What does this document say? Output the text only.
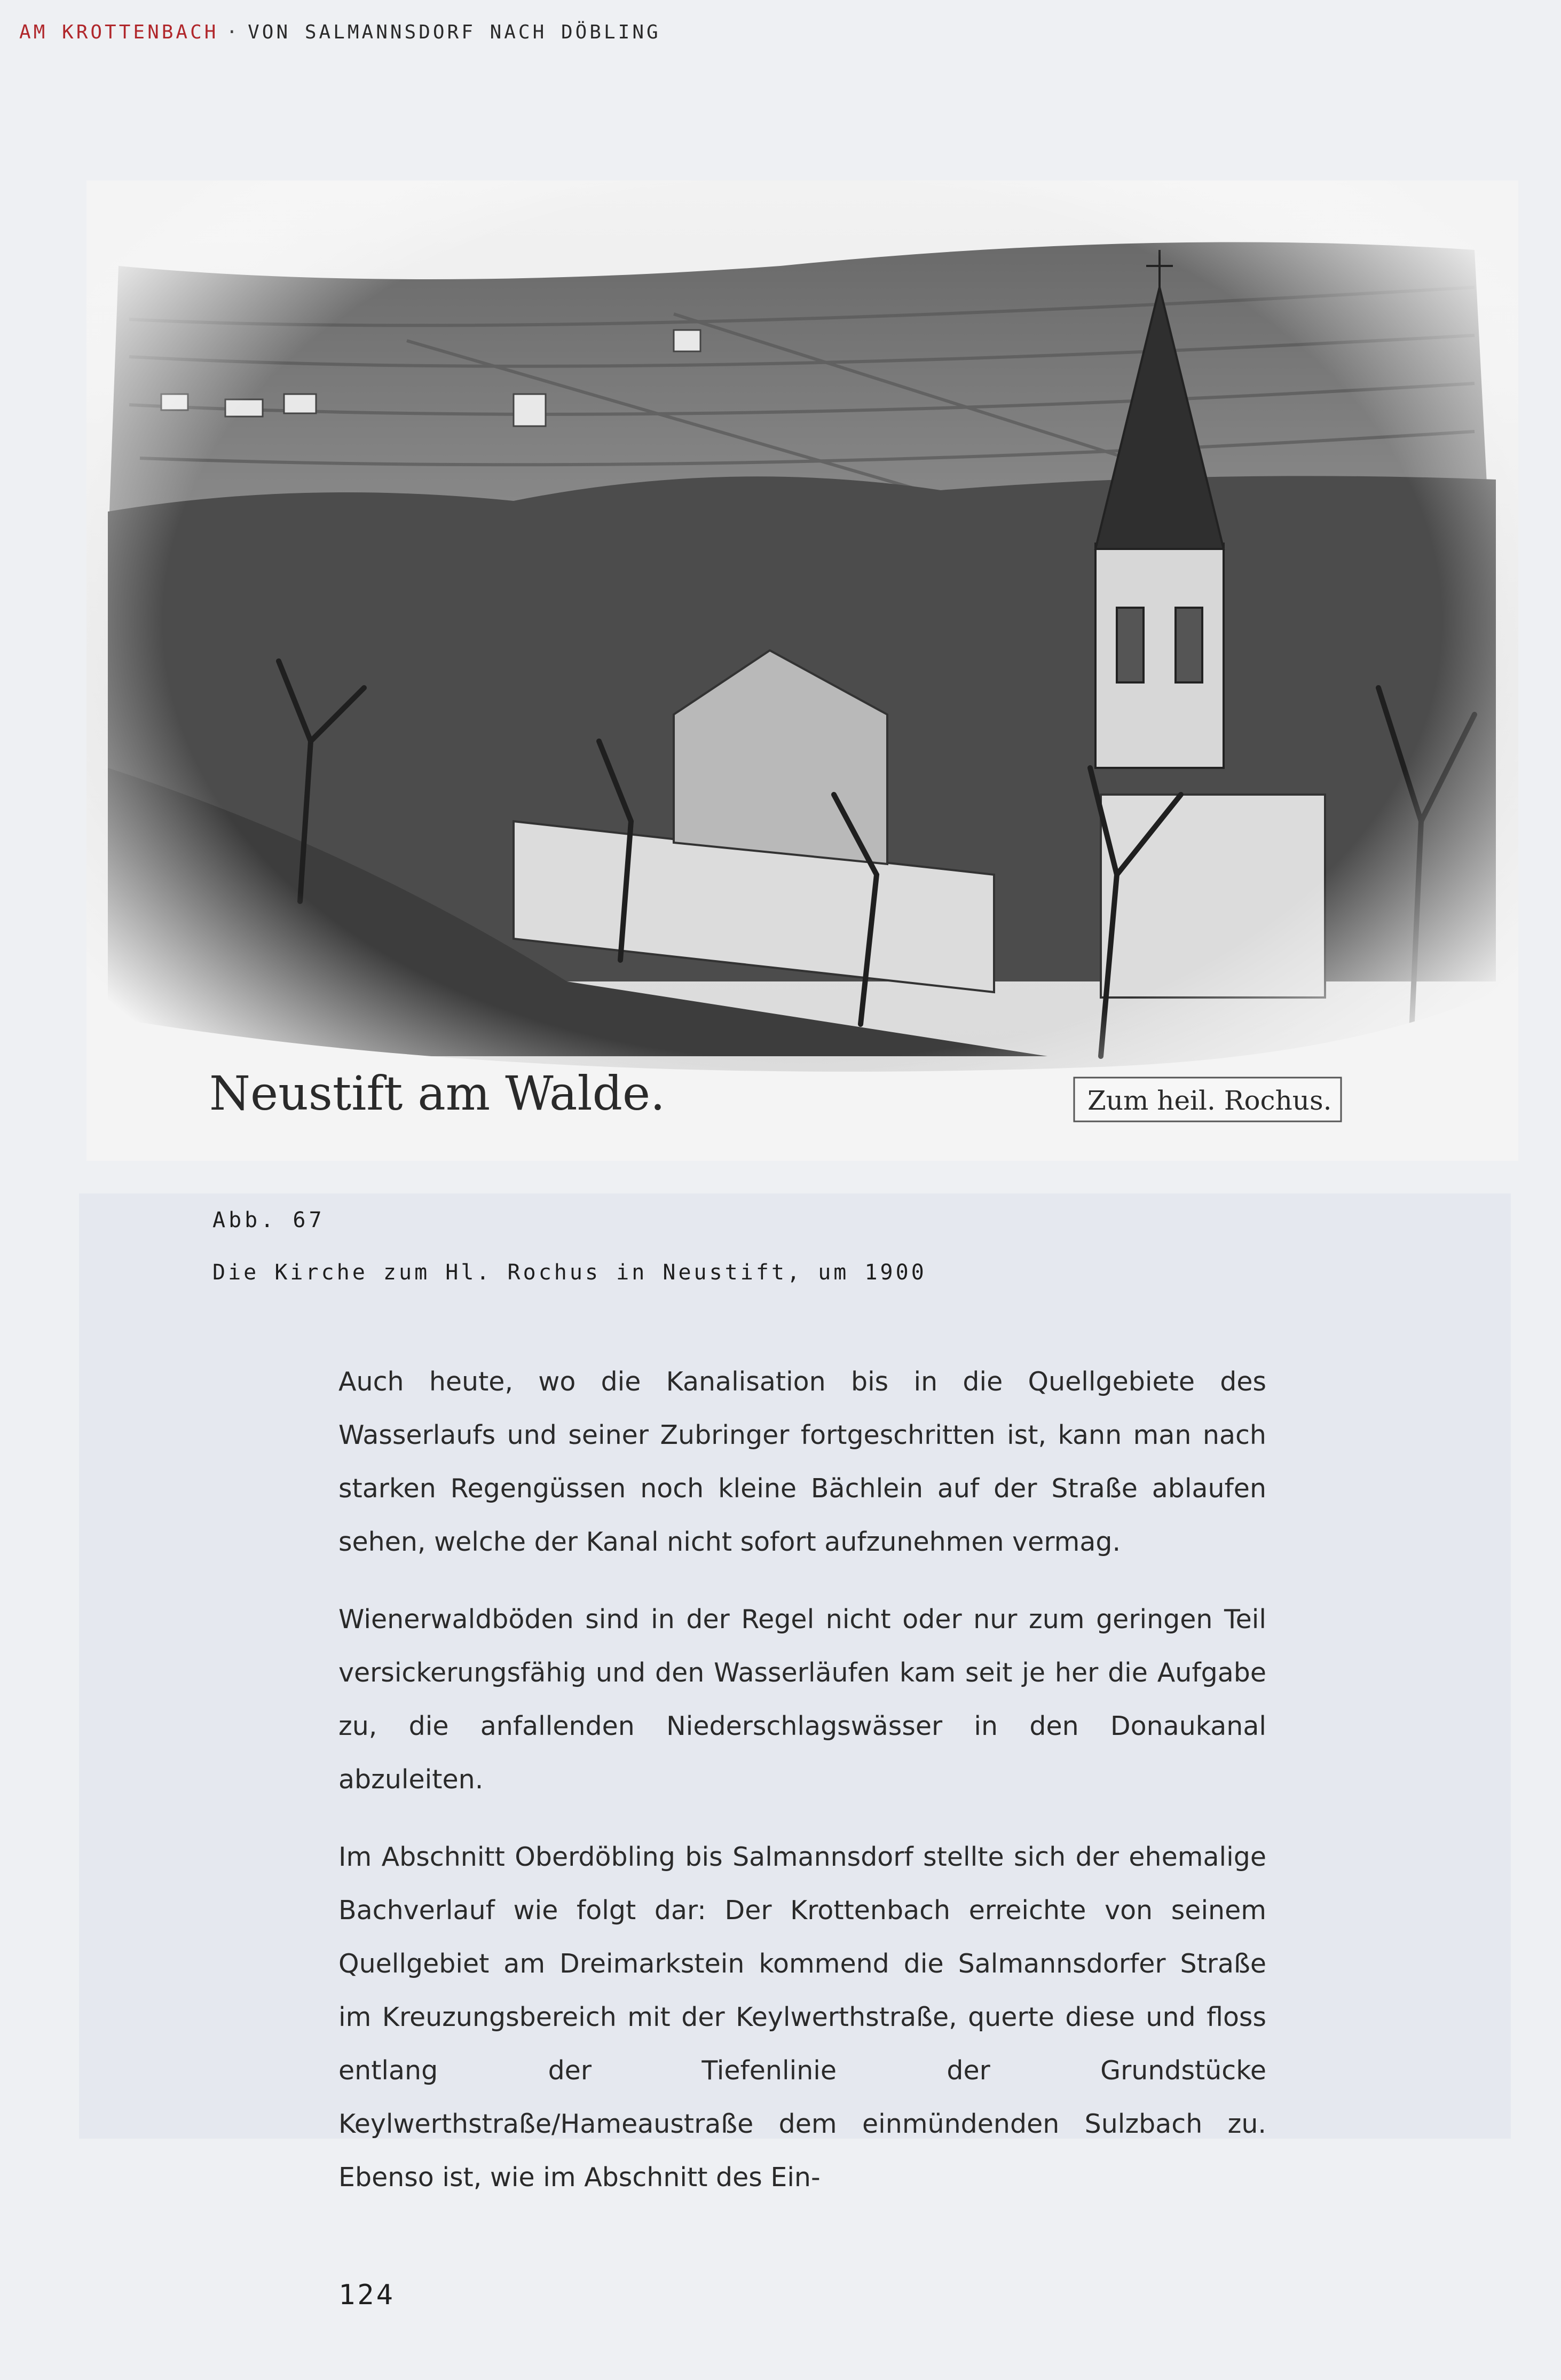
AM KROTTENBACH · VON SALMANNSDORF NACH DÖBLING
Neustift am Walde.	Zum heil. Rochus.
Abb. 67
Die Kirche zum Hl. Rochus in Neustift, um 1900

Auch heute, wo die Kanalisation bis in die Quellgebiete des Wasserlaufs und seiner Zubringer fortgeschritten ist, kann man nach starken Regengüssen noch kleine Bächlein auf der Straße ablaufen sehen, welche der Kanal nicht sofort aufzunehmen vermag.

Wienerwaldböden sind in der Regel nicht oder nur zum geringen Teil versickerungsfähig und den Wasserläufen kam seit je her die Aufgabe zu, die anfallenden Niederschlagswässer in den Donaukanal abzuleiten.

Im Abschnitt Oberdöbling bis Salmannsdorf stellte sich der ehemalige Bachverlauf wie folgt dar: Der Krottenbach erreichte von seinem Quellgebiet am Dreimarkstein kommend die Salmannsdorfer Straße im Kreuzungsbereich mit der Keylwerthstraße, querte diese und floss entlang der Tiefenlinie der Grundstücke Keylwerthstraße/Hameaustraße dem einmündenden Sulzbach zu. Ebenso ist, wie im Abschnitt des Ein-

124
